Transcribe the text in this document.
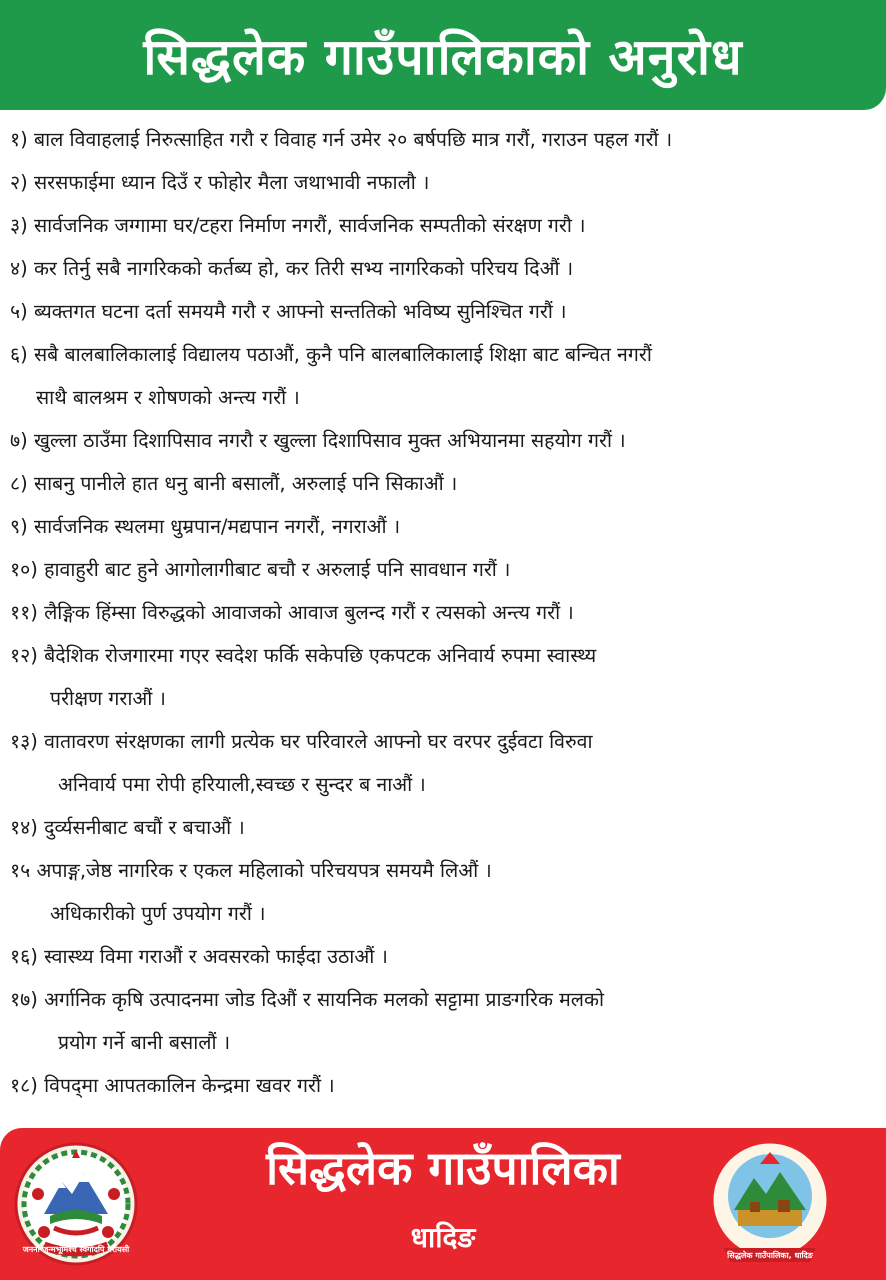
सिद्धलेक गाउँपालिकाको अनुरोध
१) बाल विवाहलाई निरुत्साहित गरौ र विवाह गर्न उमेर २० बर्षपछि मात्र गरौं, गराउन पहल गरौं ।
२) सरसफाईमा ध्यान दिउँ र फोहोर मैला जथाभावी नफालौ ।
३) सार्वजनिक जग्गामा घर/टहरा निर्माण नगरौं, सार्वजनिक सम्पतीको संरक्षण गरौ ।
४) कर तिर्नु सबै नागरिकको कर्तब्य हो, कर तिरी सभ्य नागरिकको परिचय दिऔं ।
५) ब्यक्तगत घटना दर्ता समयमै गरौ र आफ्नो सन्ततिको भविष्य सुनिश्चित गरौं ।
६) सबै बालबालिकालाई विद्यालय पठाऔं, कुनै पनि बालबालिकालाई शिक्षा बाट बन्चित नगरौं
साथै बालश्रम र शोषणको अन्त्य गरौं ।
७) खुल्ला ठाउँमा दिशापिसाव नगरौ र खुल्ला दिशापिसाव मुक्त अभियानमा सहयोग गरौं ।
८) साबनु पानीले हात धनु बानी बसालौं, अरुलाई पनि सिकाऔं ।
९) सार्वजनिक स्थलमा धुम्रपान/मद्यपान नगरौं, नगराऔं ।
१०) हावाहुरी बाट हुने आगोलागीबाट बचौ र अरुलाई पनि सावधान गरौं ।
११) लैङ्गिक हिंम्सा विरुद्धको आवाजको आवाज बुलन्द गरौं र त्यसको अन्त्य गरौं ।
१२) बैदेशिक रोजगारमा गएर स्वदेश फर्कि सकेपछि एकपटक अनिवार्य रुपमा स्वास्थ्य
परीक्षण गराऔं ।
१३) वातावरण संरक्षणका लागी प्रत्येक घर परिवारले आफ्नो घर वरपर दुईवटा विरुवा
अनिवार्य पमा रोपी हरियाली,स्वच्छ र सुन्दर ब नाऔं ।
१४) दुर्व्यसनीबाट बचौं र बचाऔं ।
१५ अपाङ्ग,जेष्ठ नागरिक र एकल महिलाको परिचयपत्र समयमै लिऔं ।
अधिकारीको पुर्ण उपयोग गरौं ।
१६) स्वास्थ्य विमा गराऔं र अवसरको फाईदा उठाऔं ।
१७) अर्गानिक कृषि उत्पादनमा जोड दिऔं र सायनिक मलको सट्टामा प्राङगरिक मलको
प्रयोग गर्ने बानी बसालौं ।
१८) विपद्‌मा आपतकालिन केन्द्रमा खवर गरौं ।
जननी जन्मभूमिश्च स्वर्गादपि गरीयसी
सिद्धलेक गाउँपालिका
धादिङ
सिद्धलेक गाउँपालिका, धादिङ
